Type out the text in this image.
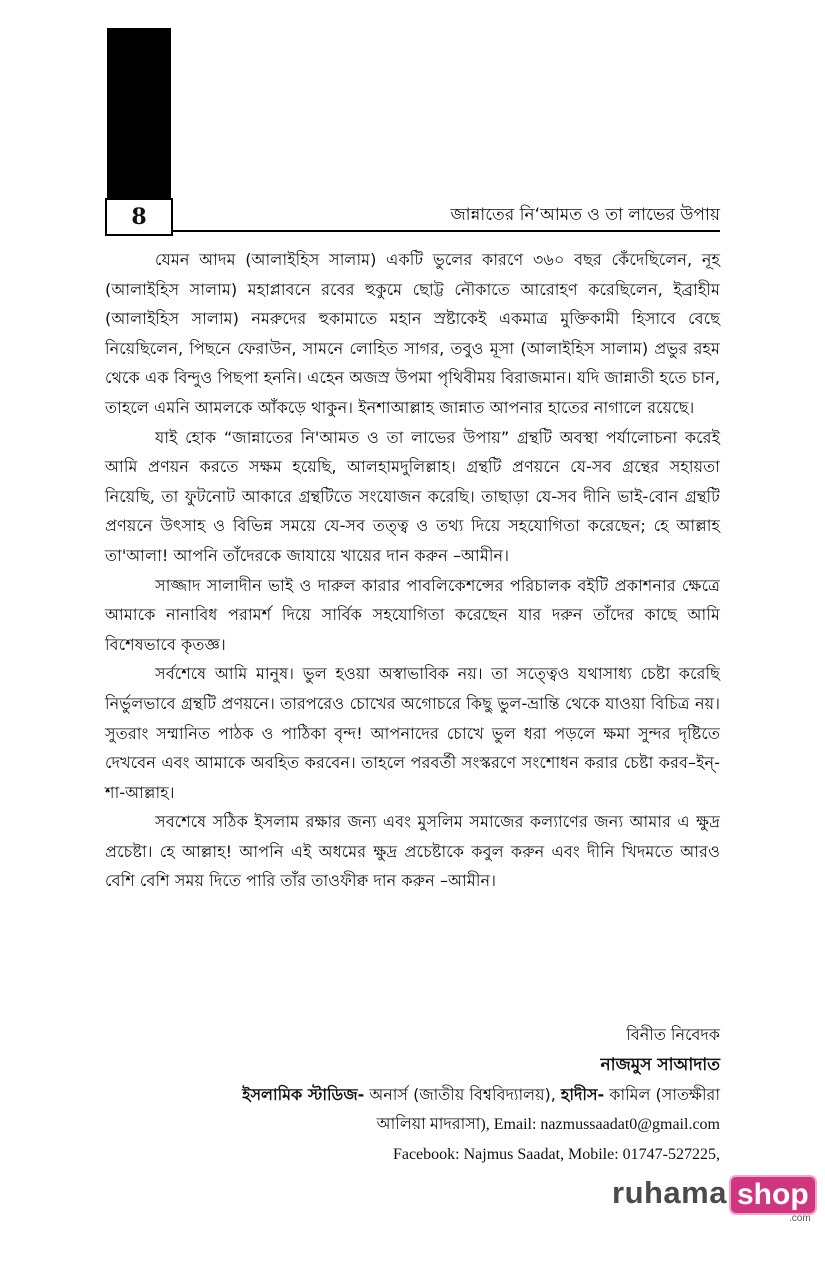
8	জান্নাতের নি‘আমত ও তা লাভের উপায়

যেমন আদম (আলাইহিস সালাম) একটি ভুলের কারণে ৩৬০ বছর কেঁদেছিলেন, নূহ (আলাইহিস সালাম) মহাপ্লাবনে রবের হুকুমে ছোট্ট নৌকাতে আরোহণ করেছিলেন, ইব্রাহীম (আলাইহিস সালাম) নমরুদের হুকামাতে মহান স্রষ্টাকেই একমাত্র মুক্তিকামী হিসাবে বেছে নিয়েছিলেন, পিছনে ফেরাউন, সামনে লোহিত সাগর, তবুও মূসা (আলাইহিস সালাম) প্রভুর রহম থেকে এক বিন্দুও পিছপা হননি। এহেন অজস্র উপমা পৃথিবীময় বিরাজমান। যদি জান্নাতী হতে চান, তাহলে এমনি আমলকে আঁকড়ে থাকুন। ইনশাআল্লাহ জান্নাত আপনার হাতের নাগালে রয়েছে।

যাই হোক “জান্নাতের নি'আমত ও তা লাভের উপায়” গ্রন্থটি অবস্থা পর্যালোচনা করেই আমি প্রণয়ন করতে সক্ষম হয়েছি, আলহামদুলিল্লাহ। গ্রন্থটি প্রণয়নে যে-সব গ্রন্থের সহায়তা নিয়েছি, তা ফুটনোট আকারে গ্রন্থটিতে সংযোজন করেছি। তাছাড়া যে-সব দীনি ভাই-বোন গ্রন্থটি প্রণয়নে উৎসাহ ও বিভিন্ন সময়ে যে-সব তত্ত্ব ও তথ্য দিয়ে সহযোগিতা করেছেন; হে আল্লাহ তা'আলা! আপনি তাঁদেরকে জাযায়ে খায়ের দান করুন –আমীন।

সাজ্জাদ সালাদীন ভাই ও দারুল কারার পাবলিকেশন্সের পরিচালক বইটি প্রকাশনার ক্ষেত্রে আমাকে নানাবিধ পরামর্শ দিয়ে সার্বিক সহযোগিতা করেছেন যার দরুন তাঁদের কাছে আমি বিশেষভাবে কৃতজ্ঞ।

সর্বশেষে আমি মানুষ। ভুল হওয়া অস্বাভাবিক নয়। তা সত্ত্বেও যথাসাধ্য চেষ্টা করেছি নির্ভুলভাবে গ্রন্থটি প্রণয়নে। তারপরেও চোখের অগোচরে কিছু ভুল-ভ্রান্তি থেকে যাওয়া বিচিত্র নয়। সুতরাং সম্মানিত পাঠক ও পাঠিকা বৃন্দ! আপনাদের চোখে ভুল ধরা পড়লে ক্ষমা সুন্দর দৃষ্টিতে দেখবেন এবং আমাকে অবহিত করবেন। তাহলে পরবর্তী সংস্করণে সংশোধন করার চেষ্টা করব–ইন্‌-শা-আল্লাহ।

সবশেষে সঠিক ইসলাম রক্ষার জন্য এবং মুসলিম সমাজের কল্যাণের জন্য আমার এ ক্ষুদ্র প্রচেষ্টা। হে আল্লাহ! আপনি এই অধমের ক্ষুদ্র প্রচেষ্টাকে কবুল করুন এবং দীনি খিদমতে আরও বেশি বেশি সময় দিতে পারি তাঁর তাওফীক্ব দান করুন –আমীন।

বিনীত নিবেদক
নাজমুস সাআদাত
ইসলামিক স্টাডিজ- অনার্স (জাতীয় বিশ্ববিদ্যালয়), হাদীস- কামিল (সাতক্ষীরা
আলিয়া মাদরাসা), Email: nazmussaadat0@gmail.com
Facebook: Najmus Saadat, Mobile: 01747-527225,
ruhama shop
.com
